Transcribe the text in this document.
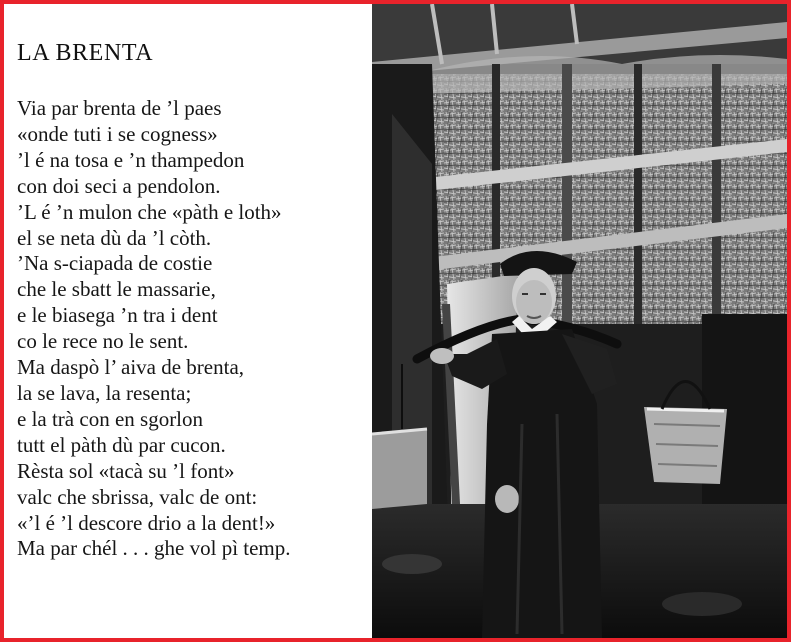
LA BRENTA
Via par brenta de ’l paes
«onde tuti i se cogness»
’l é na tosa e ’n thampedon
con doi seci a pendolon.
’L é ’n mulon che «pàth e loth»
el se neta dù da ’l còth.
’Na s-ciapada de costie
che le sbatt le massarie,
e le biasega ’n tra i dent
co le rece no le sent.
Ma daspò l’ aiva de brenta,
la se lava, la resenta;
e la trà con en sgorlon
tutt el pàth dù par cucon.
Rèsta sol «tacà su ’l font»
valc che sbrissa, valc de ont:
«’l é ’l descore drio a la dent!»
Ma par chél . . . ghe vol pì temp.
